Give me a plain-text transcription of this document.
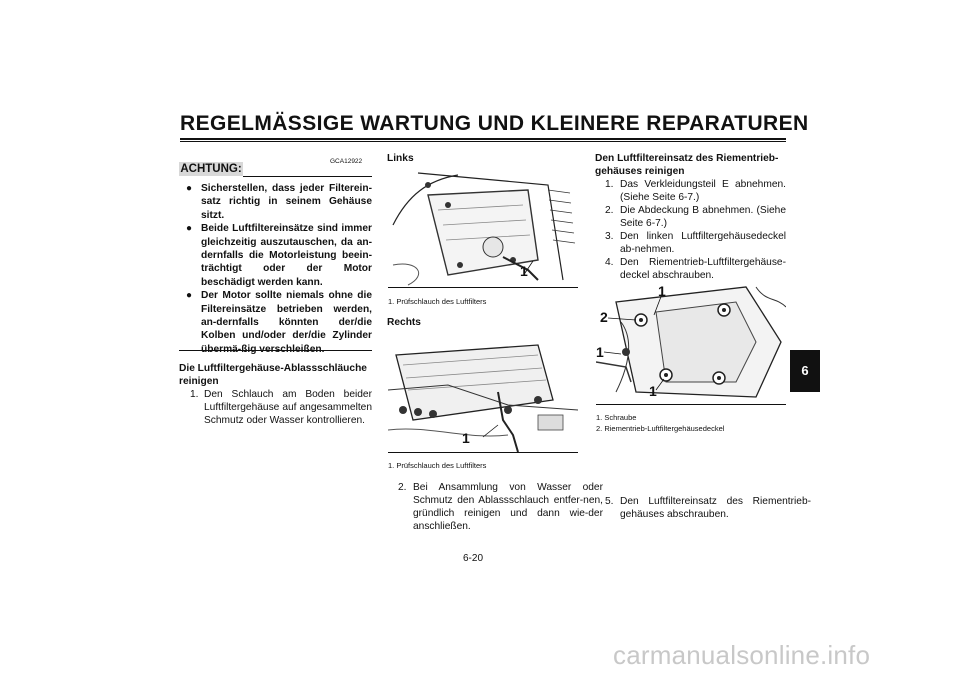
REGELMÄSSIGE WARTUNG UND KLEINERE REPARATUREN
GCA12922
ACHTUNG:
● Sicherstellen, dass jeder Filterein-satz richtig in seinem Gehäuse sitzt.
● Beide Luftfiltereinsätze sind immer gleichzeitig auszutauschen, da an-dernfalls die Motorleistung beein-trächtigt oder der Motor beschädigt werden kann.
● Der Motor sollte niemals ohne die Filtereinsätze betrieben werden, an-dernfalls könnten der/die Kolben und/oder der/die Zylinder
Die Luftfiltergehäuse-Ablassschläuche reinigen
1. Den Schlauch am Boden beider Luftfiltergehäuse auf angesammelten Schmutz oder Wasser kontrollieren.
Links
1
1. Prüfschlauch des Luftfilters
Rechts
1
1. Prüfschlauch des Luftfilters
2. Bei Ansammlung von Wasser oder Schmutz den Ablassschlauch entfer-nen, gründlich reinigen und dann wie-der anschließen.
Den Luftfiltereinsatz des Riementrieb-gehäuses reinigen
1. Das Verkleidungsteil E abnehmen. (Siehe Seite 6-7.)
2. Die Abdeckung B abnehmen. (Siehe Seite 6-7.)
3. Den linken Luftfiltergehäusedeckel ab-nehmen.
4. Den Riementrieb-Luftfiltergehäuse-deckel abschrauben.
1
2
1
1
1. Schraube
2. Riementrieb-Luftfiltergehäusedeckel
5. Den Luftfiltereinsatz des Riementrieb-gehäuses abschrauben.
6-20
6
carmanualsonline.info
